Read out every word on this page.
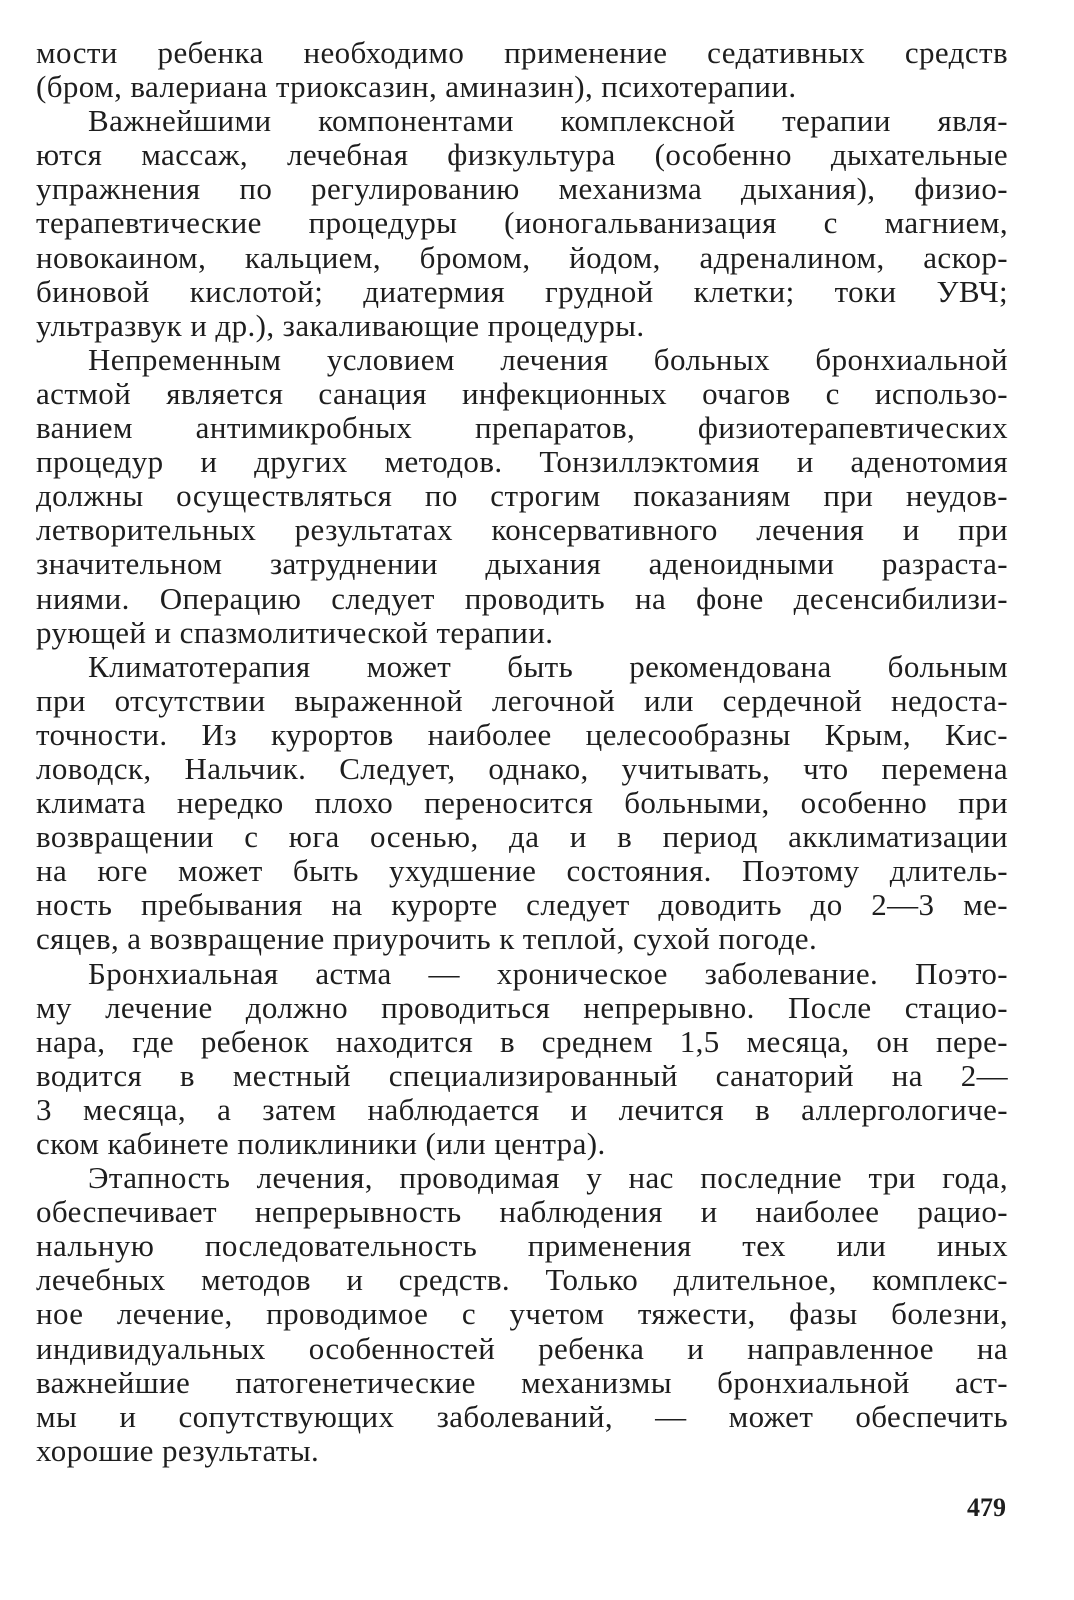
мости ребенка необходимо применение седативных средств
(бром, валериана триоксазин, аминазин), психотерапии.
Важнейшими компонентами комплексной терапии явля-
ются массаж, лечебная физкультура (особенно дыхательные
упражнения по регулированию механизма дыхания), физио-
терапевтические процедуры (ионогальванизация с магнием,
новокаином, кальцием, бромом, йодом, адреналином, аскор-
биновой кислотой; диатермия грудной клетки; токи УВЧ;
ультразвук и др.), закаливающие процедуры.
Непременным условием лечения больных бронхиальной
астмой является санация инфекционных очагов с использо-
ванием антимикробных препаратов, физиотерапевтических
процедур и других методов. Тонзиллэктомия и аденотомия
должны осуществляться по строгим показаниям при неудов-
летворительных результатах консервативного лечения и при
значительном затруднении дыхания аденоидными разраста-
ниями. Операцию следует проводить на фоне десенсибилизи-
рующей и спазмолитической терапии.
Климатотерапия может быть рекомендована больным
при отсутствии выраженной легочной или сердечной недоста-
точности. Из курортов наиболее целесообразны Крым, Кис-
ловодск, Нальчик. Следует, однако, учитывать, что перемена
климата нередко плохо переносится больными, особенно при
возвращении с юга осенью, да и в период акклиматизации
на юге может быть ухудшение состояния. Поэтому длитель-
ность пребывания на курорте следует доводить до 2—3 ме-
сяцев, а возвращение приурочить к теплой, сухой погоде.
Бронхиальная астма — хроническое заболевание. Поэто-
му лечение должно проводиться непрерывно. После стацио-
нара, где ребенок находится в среднем 1,5 месяца, он пере-
водится в местный специализированный санаторий на 2—
3 месяца, а затем наблюдается и лечится в аллергологиче-
ском кабинете поликлиники (или центра).
Этапность лечения, проводимая у нас последние три года,
обеспечивает непрерывность наблюдения и наиболее рацио-
нальную последовательность применения тех или иных
лечебных методов и средств. Только длительное, комплекс-
ное лечение, проводимое с учетом тяжести, фазы болезни,
индивидуальных особенностей ребенка и направленное на
важнейшие патогенетические механизмы бронхиальной аст-
мы и сопутствующих заболеваний, — может обеспечить
хорошие результаты.
479
